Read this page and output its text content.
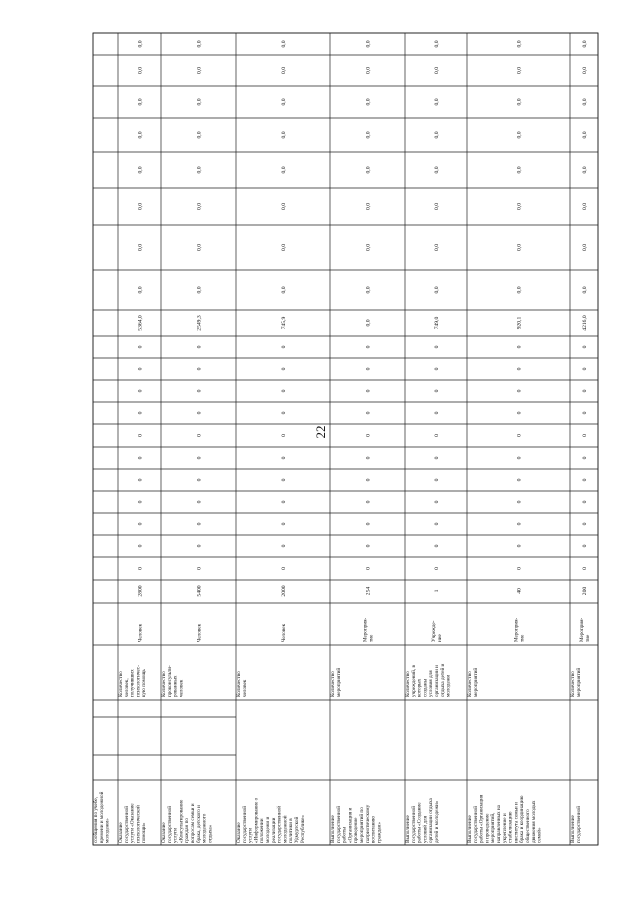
22
сообщения по учебе, времени и молодежной молодежи» Оказание государственной услуги «Оказание психологической помощи»
Количество человек, получивших психологичес- кую помощь
Человек
2800
0
0
0
0
0
0
0
0
0
0
0
5364,0
0,0
0,0
0,0
0,0
0,0
0,0
0,0
0,0
Оказание государственной услуги «Консультирование граждан по вопросам семьи и брака, детского и молодежного отдыха»
Количество проконсульти- рованных человек
Человек
5400
0
0
0
0
0
0
0
0
0
0
0
2549,3
0,0
0,0
0,0
0,0
0,0
0,0
0,0
0,0
Оказание государственной услуги «Информирование о положении молодежи и реализации государственной молодежной политики в Удмуртской Республике»
Количество человек
Человек
2000
0
0
0
0
0
0
0
0
0
0
0
745,9
0,0
0,0
0,0
0,0
0,0
0,0
0,0
0,0
Выполнение государственной работы «Организация и проведение мероприятий по патриотическому воспитанию граждан»
Количество мероприятий
Мероприя- тие
254
0
0
0
0
0
0
0
0
0
0
0
0,0
0,0
0,0
0,0
0,0
0,0
0,0
0,0
0,0
Выполнение государственной работы «Создание условий для организации отдыха детей и молодежи»
Количество учреждений, в которых созданы условия для организации и отдыха детей и молодежи
Учрежде- ние
1
0
0
0
0
0
0
0
0
0
0
0
749,0
0,0
0,0
0,0
0,0
0,0
0,0
0,0
0,0
Выполнение государственной работы «Организация и проведение мероприятий, направленных на укрепление и стабилизацию института семьи и брака и координацию общественного движения молодых семей»
Количество мероприятий
Мероприя- тие
40
0
0
0
0
0
0
0
0
0
0
0
920,1
0,0
0,0
0,0
0,0
0,0
0,0
0,0
0,0
Выполнение государственной
Количество мероприятий
Мероприя- тие
200
0
0
0
0
0
0
0
0
0
0
0
4216,0
0,0
0,0
0,0
0,0
0,0
0,0
0,0
0,0
